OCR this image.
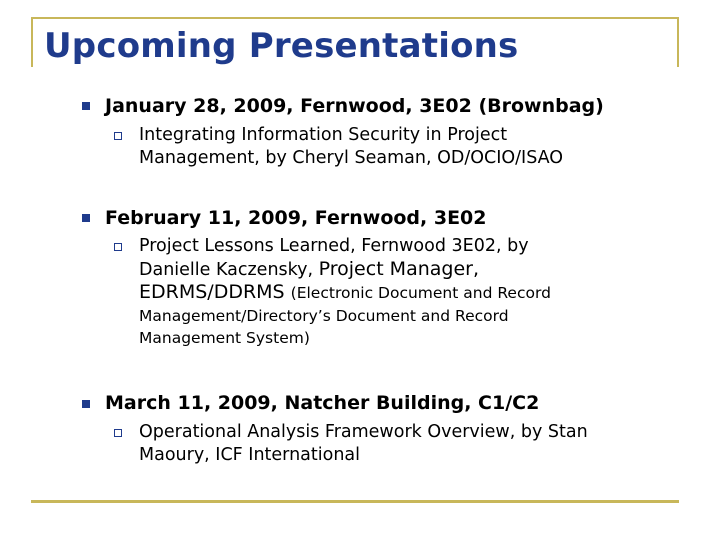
Upcoming Presentations
January 28, 2009, Fernwood, 3E02 (Brownbag)
Integrating Information Security in Project
Management, by Cheryl Seaman, OD/OCIO/ISAO
February 11, 2009, Fernwood, 3E02
Project Lessons Learned, Fernwood 3E02, by
Danielle Kaczensky, Project Manager,
EDRMS/DDRMS (Electronic Document and Record
Management/Directory’s Document and Record
Management System)
March 11, 2009, Natcher Building, C1/C2
Operational Analysis Framework Overview, by Stan
Maoury, ICF International
